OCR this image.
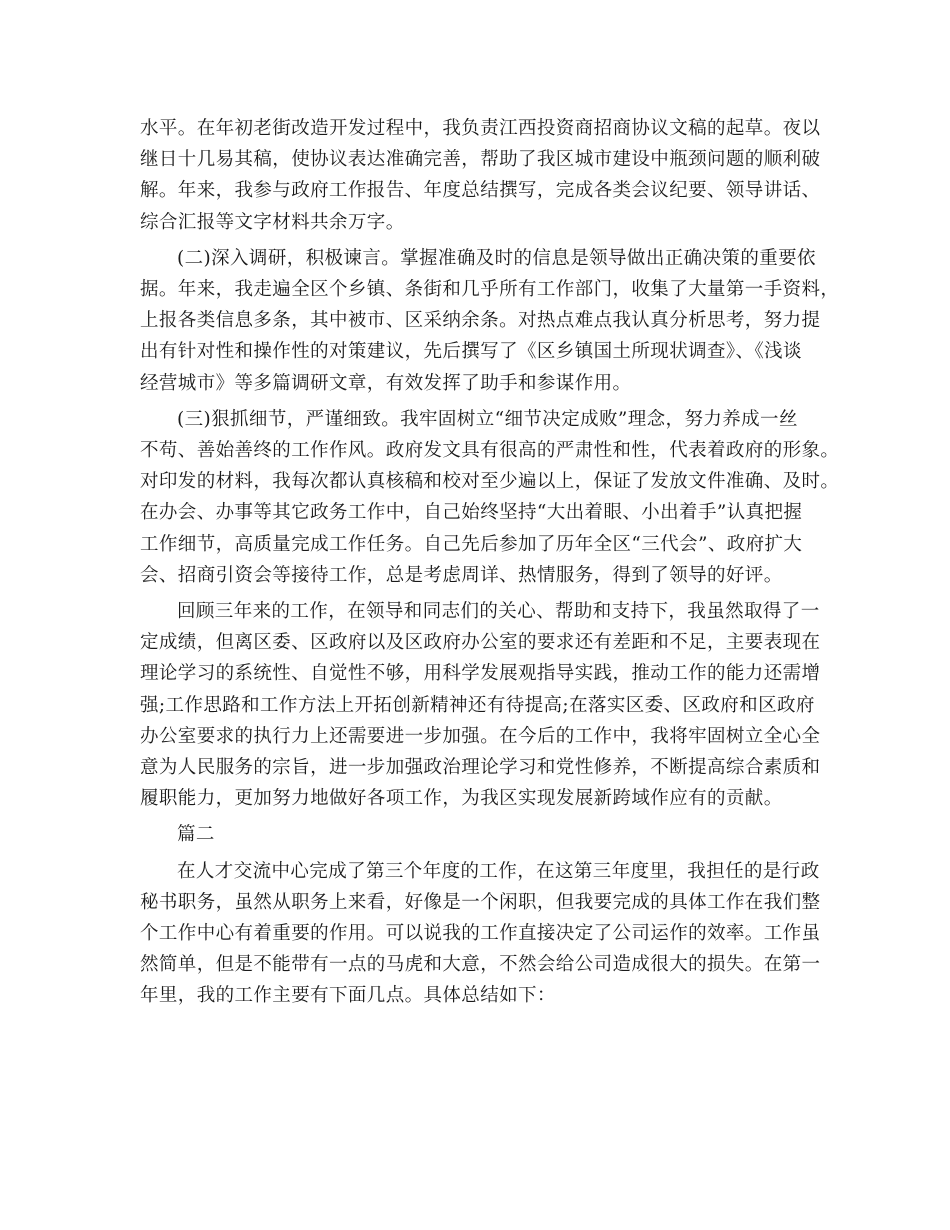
水平。在年初老街改造开发过程中，我负责江西投资商招商协议文稿的起草。夜以
继日十几易其稿，使协议表达准确完善，帮助了我区城市建设中瓶颈问题的顺利破
解。年来，我参与政府工作报告、年度总结撰写，完成各类会议纪要、领导讲话、
综合汇报等文字材料共余万字。

(二)深入调研，积极谏言。掌握准确及时的信息是领导做出正确决策的重要依
据。年来，我走遍全区个乡镇、条街和几乎所有工作部门，收集了大量第一手资料，
上报各类信息多条，其中被市、区采纳余条。对热点难点我认真分析思考，努力提
出有针对性和操作性的对策建议，先后撰写了《区乡镇国土所现状调查》、《浅谈
经营城市》等多篇调研文章，有效发挥了助手和参谋作用。

(三)狠抓细节，严谨细致。我牢固树立“细节决定成败”理念，努力养成一丝
不苟、善始善终的工作作风。政府发文具有很高的严肃性和性，代表着政府的形象。
对印发的材料，我每次都认真核稿和校对至少遍以上，保证了发放文件准确、及时。
在办会、办事等其它政务工作中，自己始终坚持“大出着眼、小出着手”认真把握
工作细节，高质量完成工作任务。自己先后参加了历年全区“三代会”、政府扩大
会、招商引资会等接待工作，总是考虑周详、热情服务，得到了领导的好评。

回顾三年来的工作，在领导和同志们的关心、帮助和支持下，我虽然取得了一
定成绩，但离区委、区政府以及区政府办公室的要求还有差距和不足，主要表现在
理论学习的系统性、自觉性不够，用科学发展观指导实践，推动工作的能力还需增
强;工作思路和工作方法上开拓创新精神还有待提高;在落实区委、区政府和区政府
办公室要求的执行力上还需要进一步加强。在今后的工作中，我将牢固树立全心全
意为人民服务的宗旨，进一步加强政治理论学习和党性修养，不断提高综合素质和
履职能力，更加努力地做好各项工作，为我区实现发展新跨域作应有的贡献。

篇二

在人才交流中心完成了第三个年度的工作，在这第三年度里，我担任的是行政
秘书职务，虽然从职务上来看，好像是一个闲职，但我要完成的具体工作在我们整
个工作中心有着重要的作用。可以说我的工作直接决定了公司运作的效率。工作虽
然简单，但是不能带有一点的马虎和大意，不然会给公司造成很大的损失。在第一
年里，我的工作主要有下面几点。具体总结如下：
